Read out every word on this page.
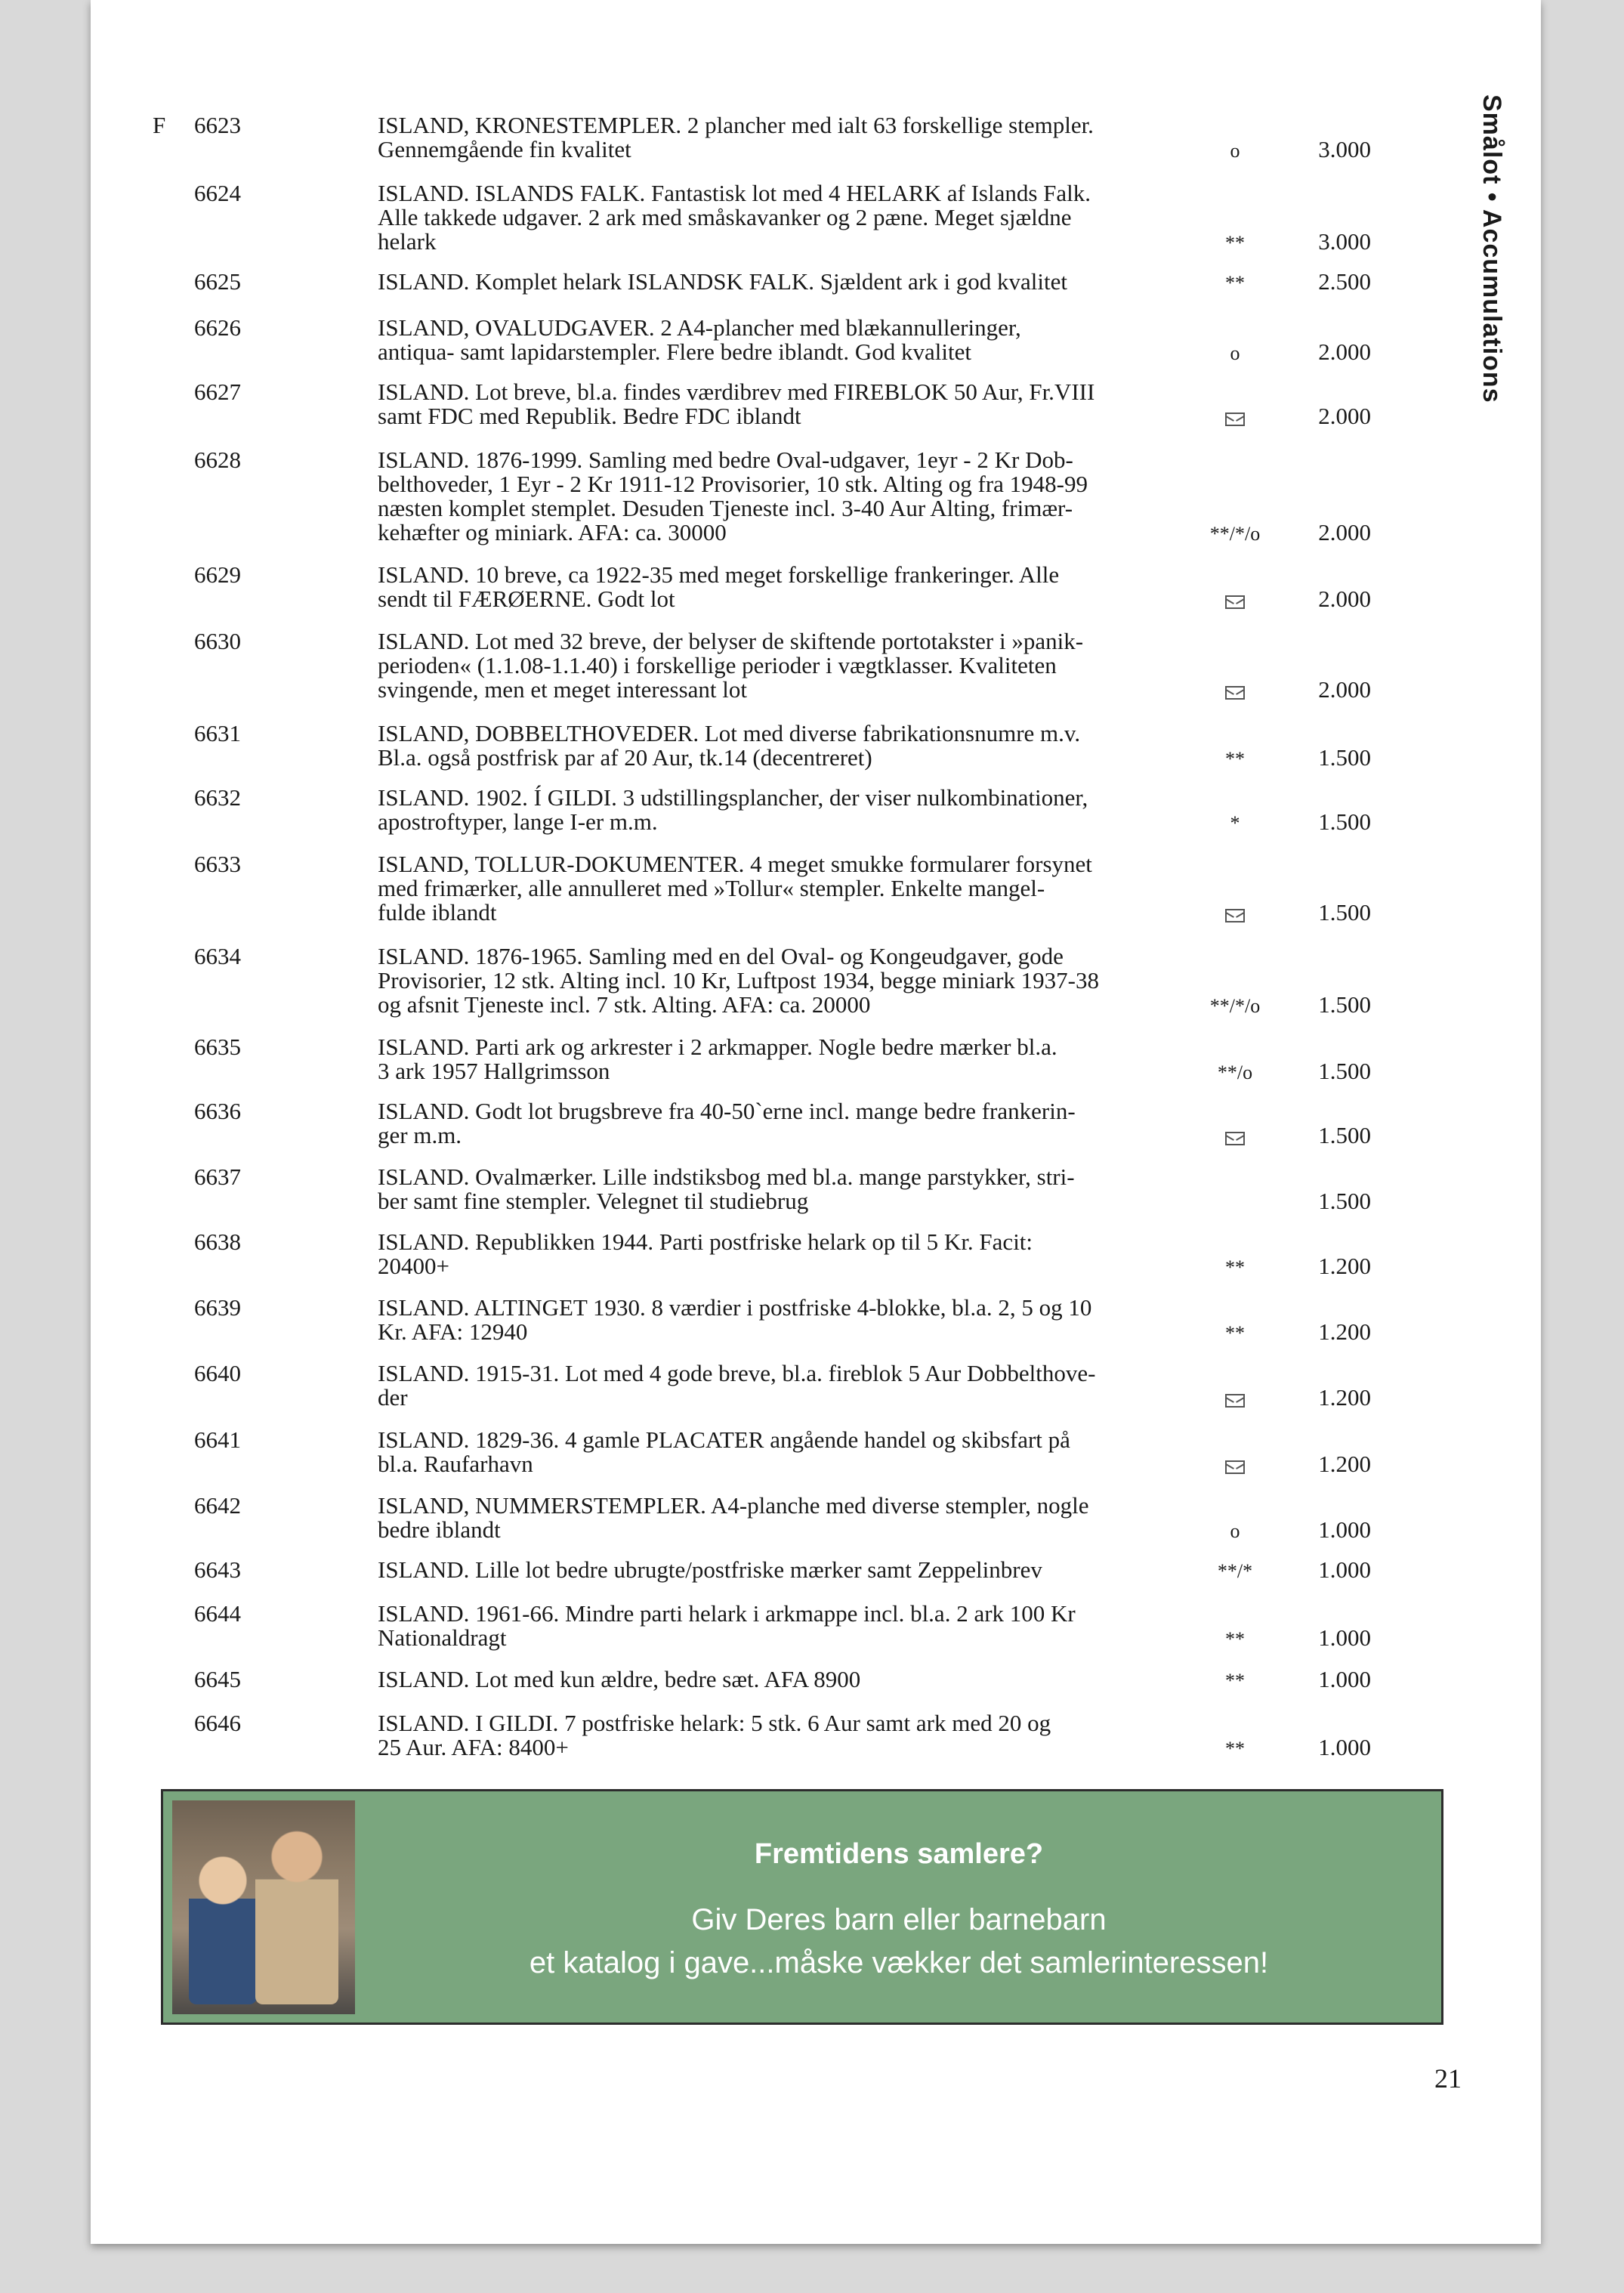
F 6623	ISLAND, KRONESTEMPLER. 2 plancher med ialt 63 forskellige stempler.
Gennemgående fin kvalitet	o	3.000
6624	ISLAND. ISLANDS FALK. Fantastisk lot med 4 HELARK af Islands Falk.
Alle takkede udgaver. 2 ark med småskavanker og 2 pæne. Meget sjældne
helark	**	3.000
6625	ISLAND. Komplet helark ISLANDSK FALK. Sjældent ark i god kvalitet	**	2.500
6626	ISLAND, OVALUDGAVER. 2 A4-plancher med blækannulleringer,
antiqua- samt lapidarstempler. Flere bedre iblandt. God kvalitet	o	2.000
6627	ISLAND. Lot breve, bl.a. findes værdibrev med FIREBLOK 50 Aur, Fr.VIII
samt FDC med Republik. Bedre FDC iblandt	2.000
6628	ISLAND. 1876-1999. Samling med bedre Oval-udgaver, 1eyr - 2 Kr Dob-
belthoveder, 1 Eyr - 2 Kr 1911-12 Provisorier, 10 stk. Alting og fra 1948-99
næsten komplet stemplet. Desuden Tjeneste incl. 3-40 Aur Alting, frimær-
kehæfter og miniark. AFA: ca. 30000	**/*/o	2.000
6629	ISLAND. 10 breve, ca 1922-35 med meget forskellige frankeringer. Alle
sendt til FÆRØERNE. Godt lot	2.000
6630	ISLAND. Lot med 32 breve, der belyser de skiftende portotakster i »panik-
perioden« (1.1.08-1.1.40) i forskellige perioder i vægtklasser. Kvaliteten
svingende, men et meget interessant lot	2.000
6631	ISLAND, DOBBELTHOVEDER. Lot med diverse fabrikationsnumre m.v.
Bl.a. også postfrisk par af 20 Aur, tk.14 (decentreret)	**	1.500
6632	ISLAND. 1902. Í GILDI. 3 udstillingsplancher, der viser nulkombinationer,
apostroftyper, lange I-er m.m.	*	1.500
6633	ISLAND, TOLLUR-DOKUMENTER. 4 meget smukke formularer forsynet
med frimærker, alle annulleret med »Tollur« stempler. Enkelte mangel-
fulde iblandt	1.500
6634	ISLAND. 1876-1965. Samling med en del Oval- og Kongeudgaver, gode
Provisorier, 12 stk. Alting incl. 10 Kr, Luftpost 1934, begge miniark 1937-38
og afsnit Tjeneste incl. 7 stk. Alting. AFA: ca. 20000	**/*/o	1.500
6635	ISLAND. Parti ark og arkrester i 2 arkmapper. Nogle bedre mærker bl.a.
3 ark 1957 Hallgrimsson	**/o	1.500
6636	ISLAND. Godt lot brugsbreve fra 40-50`erne incl. mange bedre frankerin-
ger m.m.	1.500
6637	ISLAND. Ovalmærker. Lille indstiksbog med bl.a. mange parstykker, stri-
ber samt fine stempler. Velegnet til studiebrug	1.500
6638	ISLAND. Republikken 1944. Parti postfriske helark op til 5 Kr. Facit:
20400+	**	1.200
6639	ISLAND. ALTINGET 1930. 8 værdier i postfriske 4-blokke, bl.a. 2, 5 og 10
Kr. AFA: 12940	**	1.200
6640	ISLAND. 1915-31. Lot med 4 gode breve, bl.a. fireblok 5 Aur Dobbelthove-
der	1.200
6641	ISLAND. 1829-36. 4 gamle PLACATER angående handel og skibsfart på
bl.a. Raufarhavn	1.200
6642	ISLAND, NUMMERSTEMPLER. A4-planche med diverse stempler, nogle
bedre iblandt	o	1.000
6643	ISLAND. Lille lot bedre ubrugte/postfriske mærker samt Zeppelinbrev	**/*	1.000
6644	ISLAND. 1961-66. Mindre parti helark i arkmappe incl. bl.a. 2 ark 100 Kr
Nationaldragt	**	1.000
6645	ISLAND. Lot med kun ældre, bedre sæt. AFA 8900	**	1.000
6646	ISLAND. I GILDI. 7 postfriske helark: 5 stk. 6 Aur samt ark med 20 og
25 Aur. AFA: 8400+	**	1.000
Smålot • Accumulations
Fremtidens samlere?
Giv Deres barn eller barnebarn
et katalog i gave...måske vækker det samlerinteressen!
21
